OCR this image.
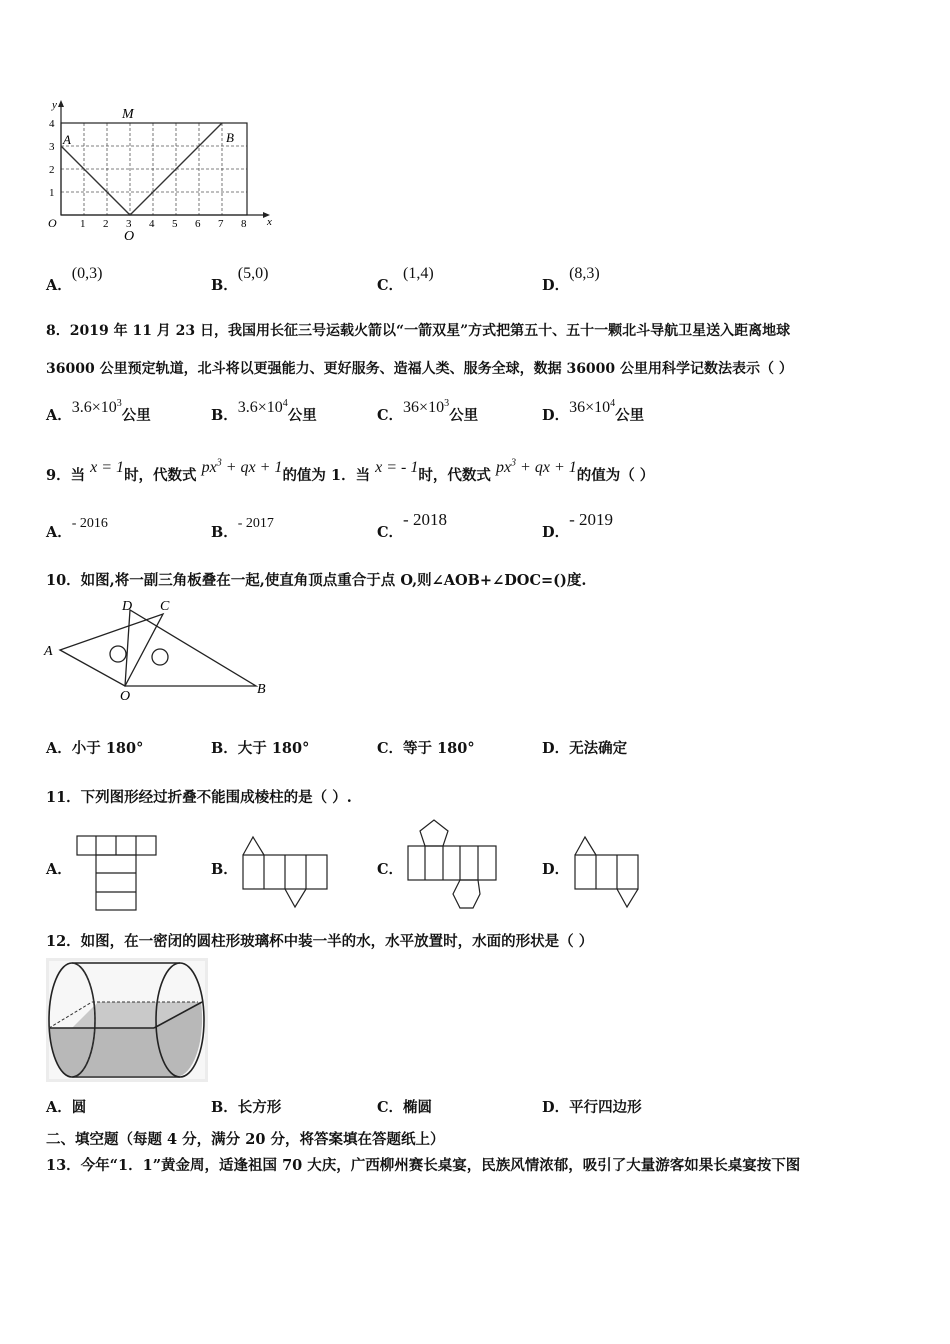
y
x
O
A	B
M
O
1
2
3
4
1 2 3 4 5 6 7 8
A．(0,3)
B．(5,0)
C．(1,4)
D．(8,3)
8．2019 年 11 月 23 日，我国用长征三号运载火箭以“一箭双星”方式把第五十、五十一颗北斗导航卫星送入距离地球
36000 公里预定轨道，北斗将以更强能力、更好服务、造福人类、服务全球，数据 36000 公里用科学记数法表示（ ）
A．$3.6\times 10^3$公里	B．$3.6\times 10^4$公里	C．$36\times 10^3$公里	D．$36\times 10^4$公里
9．当 x = 1时，代数式 $px^3$ + qx + 1的值为 1．当 x = - 1时，代数式 $px^3$ + qx + 1的值为（ ）
A．- 2016
B．- 2017
C．- 2018
D．- 2019
10．如图,将一副三角板叠在一起,使直角顶点重合于点 O,则∠AOB+∠DOC=()度.
A
B
C
D
O
A．小于 180°	B．大于 180°	C．等于 180°	D．无法确定
11．下列图形经过折叠不能围成棱柱的是（ ）.
A．	B．	C．	D．
12．如图，在一密闭的圆柱形玻璃杯中装一半的水，水平放置时，水面的形状是（ ）
A．圆	B．长方形	C．椭圆	D．平行四边形
二、填空题（每题 4 分，满分 20 分，将答案填在答题纸上）
13．今年“1．1”黄金周，适逢祖国 70 大庆，广西柳州赛长桌宴，民族风情浓郁，吸引了大量游客如果长桌宴按下图
